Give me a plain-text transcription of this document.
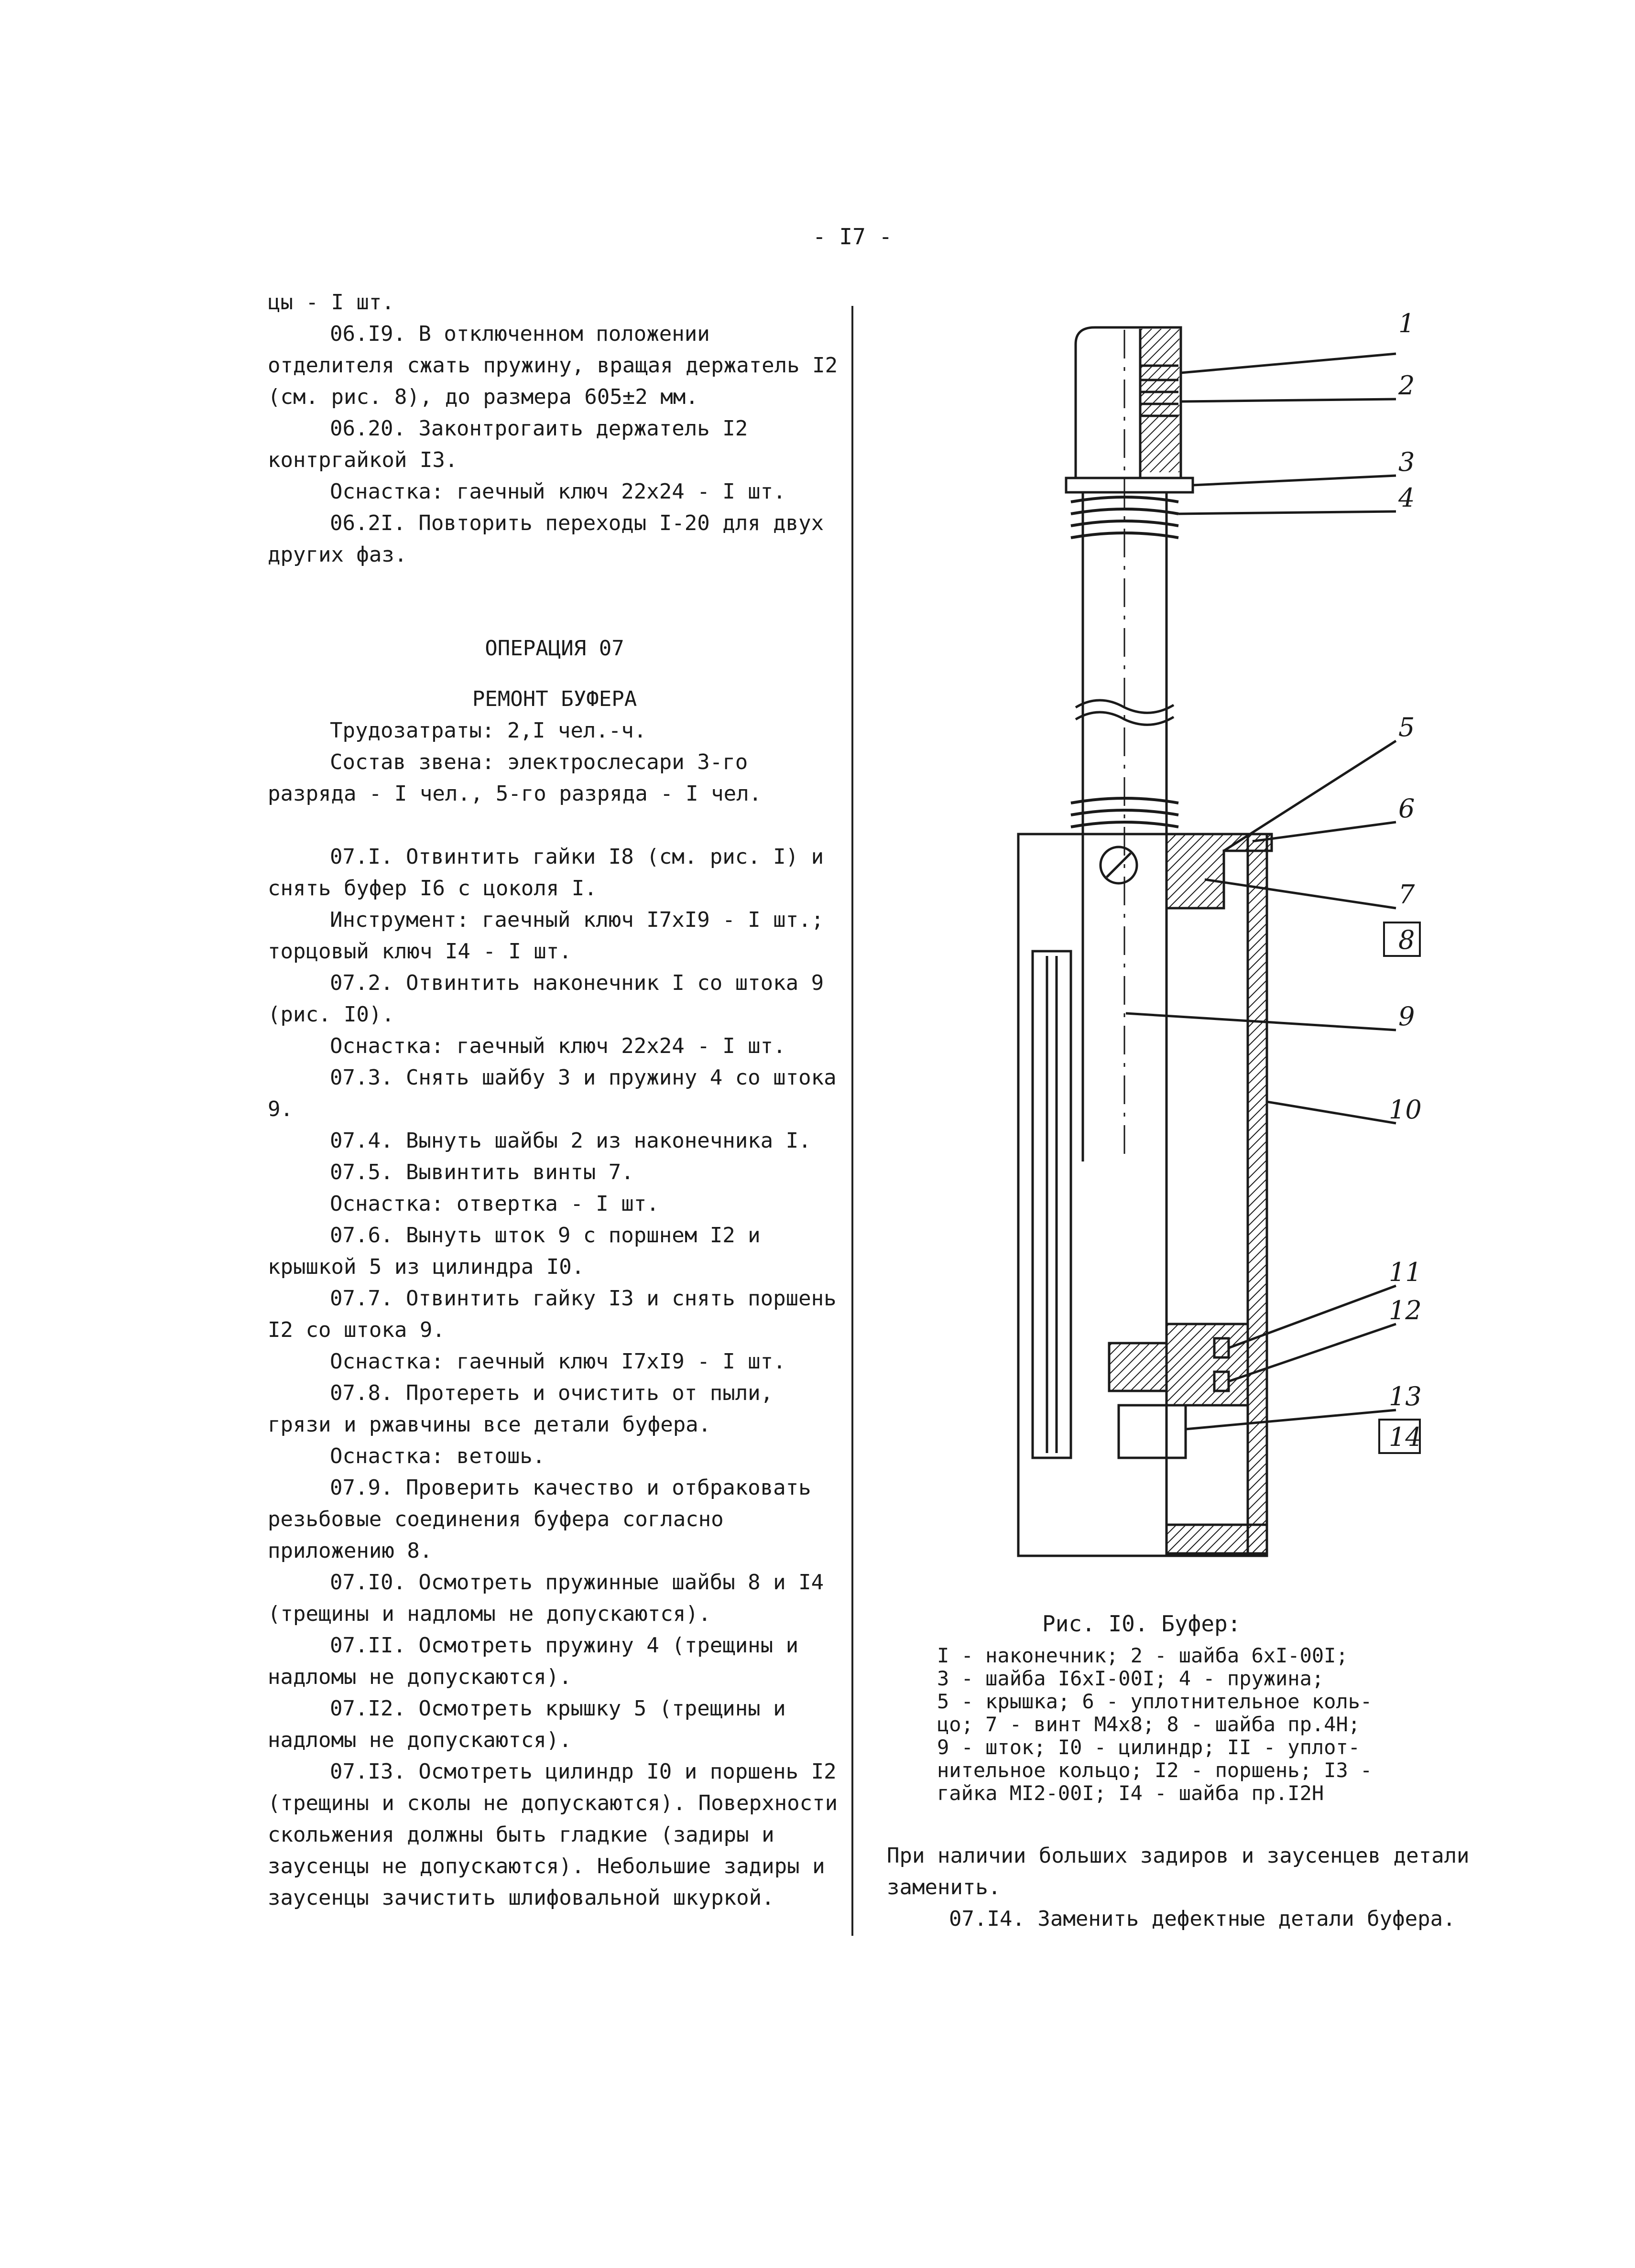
- I7 -

цы - I шт.

06.I9. В отключенном положении отделителя сжать пружину, вращая держатель I2 (см. рис. 8), до размера 605±2 мм.

06.20. Законтрогаить держатель I2 контргайкой I3.

Оснастка: гаечный ключ 22х24 - I шт.

06.2I. Повторить переходы I-20 для двух других фаз.

ОПЕРАЦИЯ 07

РЕМОНТ БУФЕРА

Трудозатраты: 2,I чел.-ч.

Состав звена: электрослесари 3-го разряда - I чел., 5-го разряда - I чел.

07.I. Отвинтить гайки I8 (см. рис. I) и снять буфер I6 с цоколя I.

Инструмент: гаечный ключ I7хI9 - I шт.; торцовый ключ I4 - I шт.

07.2. Отвинтить наконечник I со штока 9 (рис. I0).

Оснастка: гаечный ключ 22х24 - I шт.

07.3. Снять шайбу 3 и пружину 4 со штока 9.

07.4. Вынуть шайбы 2 из наконечника I.

07.5. Вывинтить винты 7.

Оснастка: отвертка - I шт.

07.6. Вынуть шток 9 с поршнем I2 и крышкой 5 из цилиндра I0.

07.7. Отвинтить гайку I3 и снять поршень I2 со штока 9.

Оснастка: гаечный ключ I7хI9 - I шт.

07.8. Протереть и очистить от пыли, грязи и ржавчины все детали буфера.

Оснастка: ветошь.

07.9. Проверить качество и отбраковать резьбовые соединения буфера согласно приложению 8.

07.I0. Осмотреть пружинные шайбы 8 и I4 (трещины и надломы не допускаются).

07.II. Осмотреть пружину 4 (трещины и надломы не допускаются).

07.I2. Осмотреть крышку 5 (трещины и надломы не допускаются).

07.I3. Осмотреть цилиндр I0 и поршень I2 (трещины и сколы не допускаются). Поверхности скольжения должны быть гладкие (задиры и заусенцы не допускаются). Небольшие задиры и заусенцы зачистить шлифовальной шкуркой.

1
2
3
4
5
6
7
8
9
10
11
12
13
14
Рис. I0. Буфер:
I - наконечник; 2 - шайба 6хI-00I;
3 - шайба I6хI-00I; 4 - пружина;
5 - крышка; 6 - уплотнительное коль-
цо; 7 - винт М4х8; 8 - шайба пр.4Н;
9 - шток; I0 - цилиндр; II - уплот-
нительное кольцо; I2 - поршень; I3 -
гайка МI2-00I; I4 - шайба пр.I2Н

При наличии больших задиров и заусенцев детали заменить.

07.I4. Заменить дефектные детали буфера.
